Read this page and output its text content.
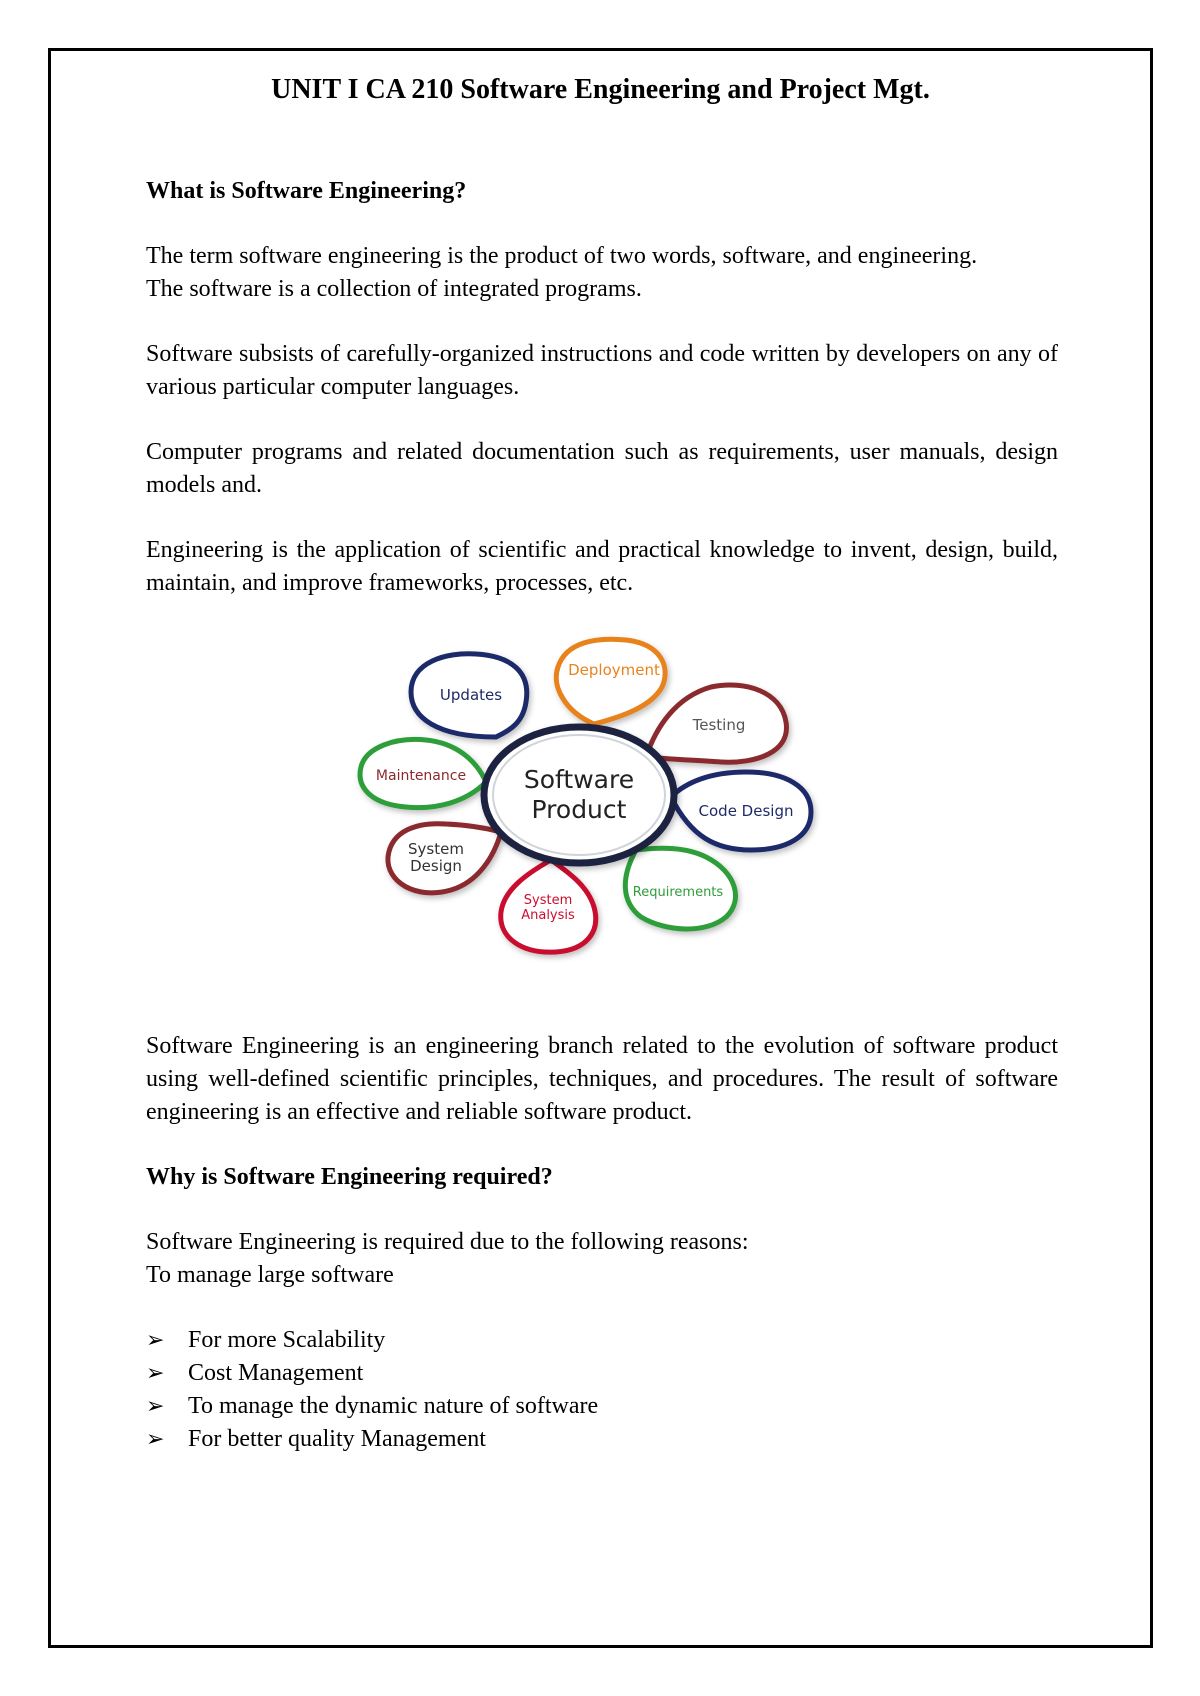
UNIT I CA 210 Software Engineering and Project Mgt.

What is Software Engineering?

The term software engineering is the product of two words, software, and engineering.

The software is a collection of integrated programs.

Software subsists of carefully-organized instructions and code written by developers on any of various particular computer languages.

Computer programs and related documentation such as requirements, user manuals, design models and.

Engineering is the application of scientific and practical knowledge to invent, design, build, maintain, and improve frameworks, processes, etc.

Updates
Deployment
Testing
Code Design
Requirements
System
Analysis
System
Design
Maintenance Software
Product

Software Engineering is an engineering branch related to the evolution of software product using well-defined scientific principles, techniques, and procedures. The result of software engineering is an effective and reliable software product.

Why is Software Engineering required?

Software Engineering is required due to the following reasons:

To manage large software

➢ For more Scalability
➢ Cost Management
➢ To manage the dynamic nature of software
➢ For better quality Management
